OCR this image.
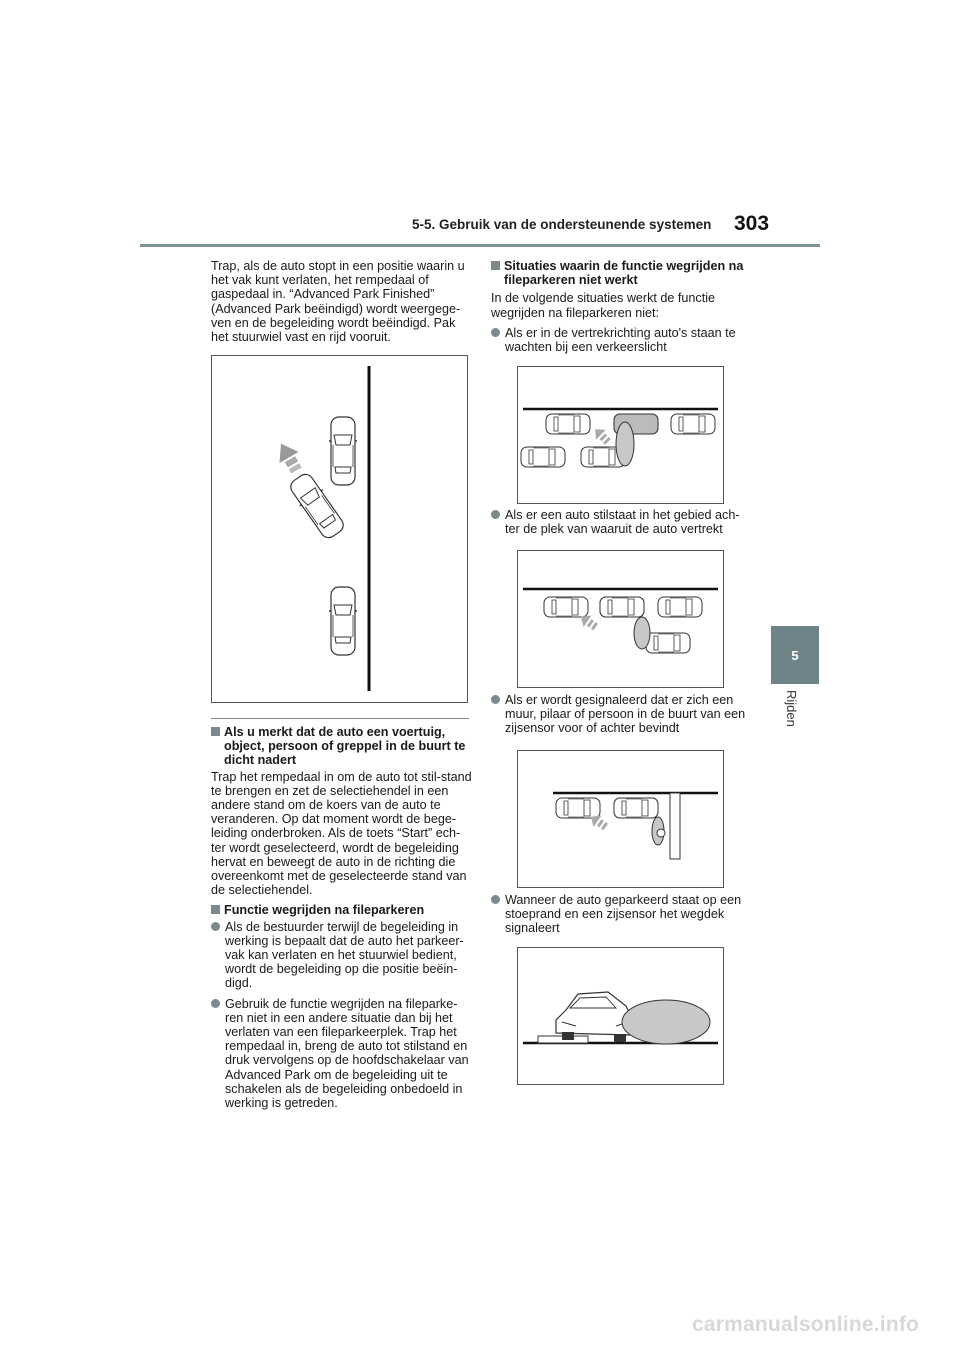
5-5. Gebruik van de ondersteunende systemen 303
5
Rijden

Trap, als de auto stopt in een positie waarin u het vak kunt verlaten, het rempedaal of gaspedaal in. “Advanced Park Finished” (Advanced Park beëindigd) wordt weergege-ven en de begeleiding wordt beëindigd. Pak het stuurwiel vast en rijd vooruit.

Als u merkt dat de auto een voertuig, object, persoon of greppel in de buurt te dicht nadert

Trap het rempedaal in om de auto tot stil-stand te brengen en zet de selectiehendel in een andere stand om de koers van de auto te veranderen. Op dat moment wordt de bege-leiding onderbroken. Als de toets “Start” ech-ter wordt geselecteerd, wordt de begeleiding hervat en beweegt de auto in de richting die overeenkomt met de geselecteerde stand van de selectiehendel.

Functie wegrijden na fileparkeren
Als de bestuurder terwijl de begeleiding in werking is bepaalt dat de auto het parkeer-vak kan verlaten en het stuurwiel bedient, wordt de begeleiding op die positie beëin-digd.
Gebruik de functie wegrijden na fileparke-ren niet in een andere situatie dan bij het verlaten van een fileparkeerplek. Trap het rempedaal in, breng de auto tot stilstand en druk vervolgens op de hoofdschakelaar van Advanced Park om de begeleiding uit te schakelen als de begeleiding onbedoeld in werking is getreden.
Situaties waarin de functie wegrijden na fileparkeren niet werkt

In de volgende situaties werkt de functie wegrijden na fileparkeren niet:

Als er in de vertrekrichting auto's staan te wachten bij een verkeerslicht
Als er een auto stilstaat in het gebied ach-ter de plek van waaruit de auto vertrekt
Als er wordt gesignaleerd dat er zich een muur, pilaar of persoon in de buurt van een zijsensor voor of achter bevindt
Wanneer de auto geparkeerd staat op een stoeprand en een zijsensor het wegdek signaleert
carmanualsonline.info
